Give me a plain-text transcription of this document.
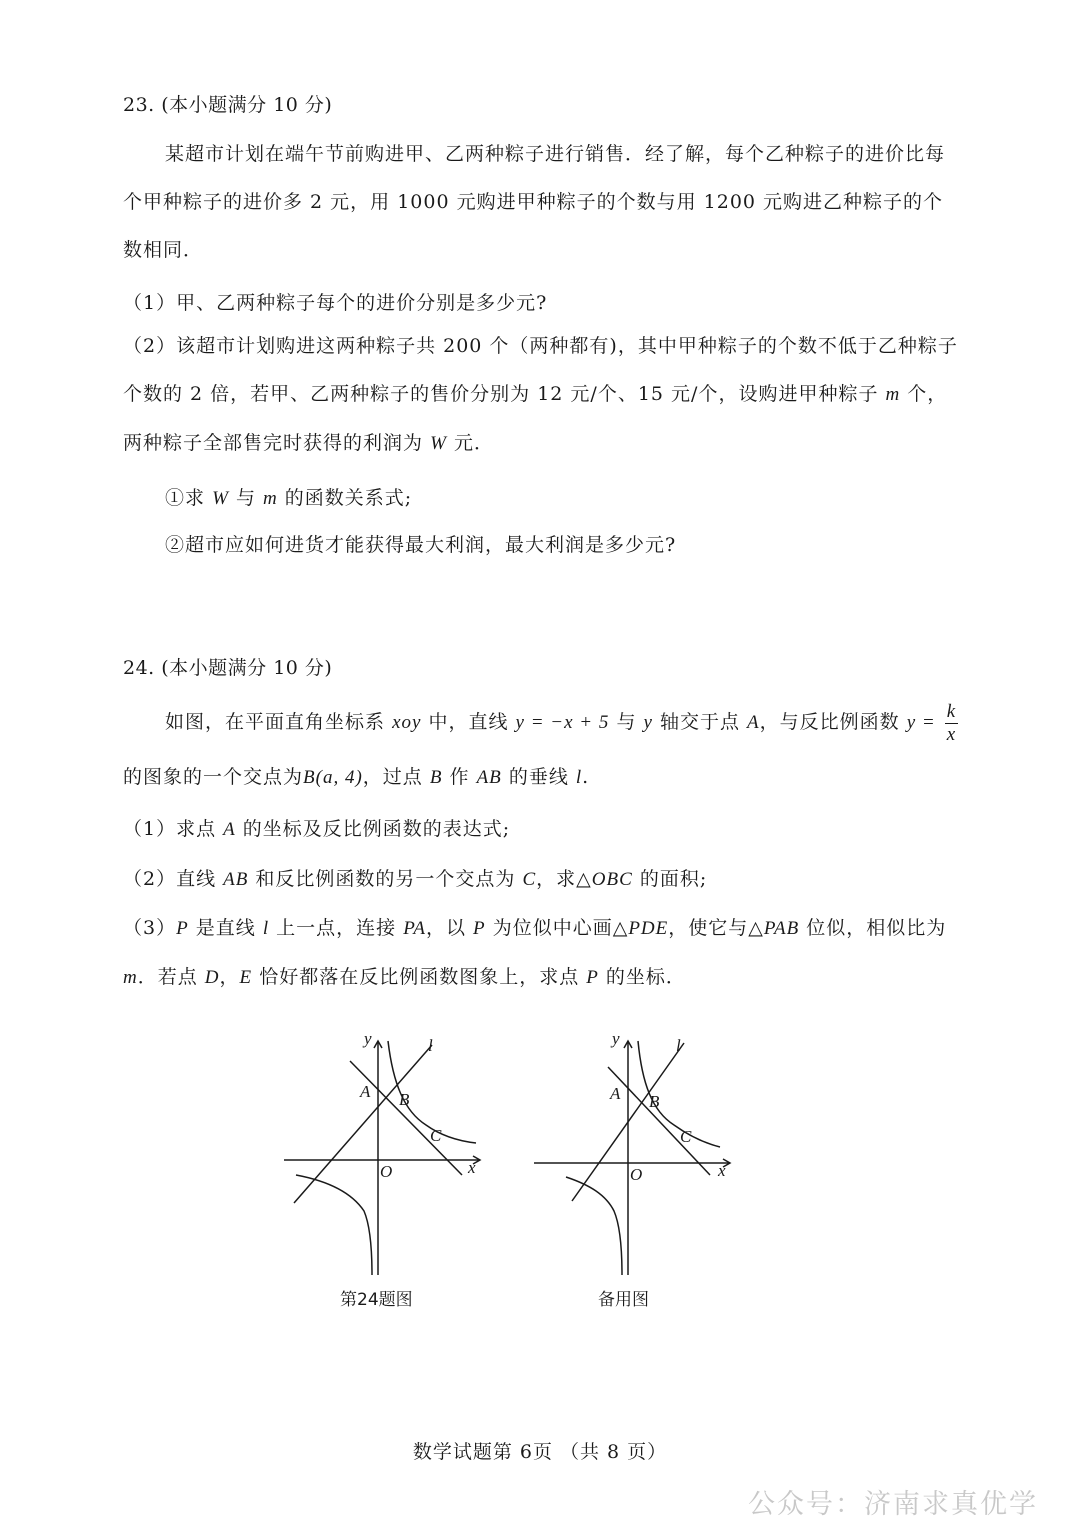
23. (本小题满分 10 分)

某超市计划在端午节前购进甲、乙两种粽子进行销售．经了解，每个乙种粽子的进价比每个甲种粽子的进价多 2 元，用 1000 元购进甲种粽子的个数与用 1200 元购进乙种粽子的个数相同．

（1）甲、乙两种粽子每个的进价分别是多少元?

（2）该超市计划购进这两种粽子共 200 个（两种都有)，其中甲种粽子的个数不低于乙种粽子个数的 2 倍，若甲、乙两种粽子的售价分别为 12 元/个、15 元/个，设购进甲种粽子 m 个，两种粽子全部售完时获得的利润为 W 元．

①求 W 与 m 的函数关系式;
②超市应如何进货才能获得最大利润，最大利润是多少元?
24. (本小题满分 10 分)
如图，在平面直角坐标系 xoy 中，直线 y = −x + 5 与 y 轴交于点 A，与反比例函数 $y = \frac{k}{x}$
的图象的一个交点为B(a, 4)，过点 B 作 AB 的垂线 l.
（1）求点 A 的坐标及反比例函数的表达式;
（2）直线 AB 和反比例函数的另一个交点为 C，求△OBC 的面积;
（3）P 是直线 l 上一点，连接 PA，以 P 为位似中心画△PDE，使它与△PAB 位似，相似比为
m．若点 D，E 恰好都落在反比例函数图象上，求点 P 的坐标．
y
x
l
A B
C
O
第24题图
y
x
l
A B
C
O
备用图
数学试题第 6页 （共 8 页）
公众号：济南求真优学
